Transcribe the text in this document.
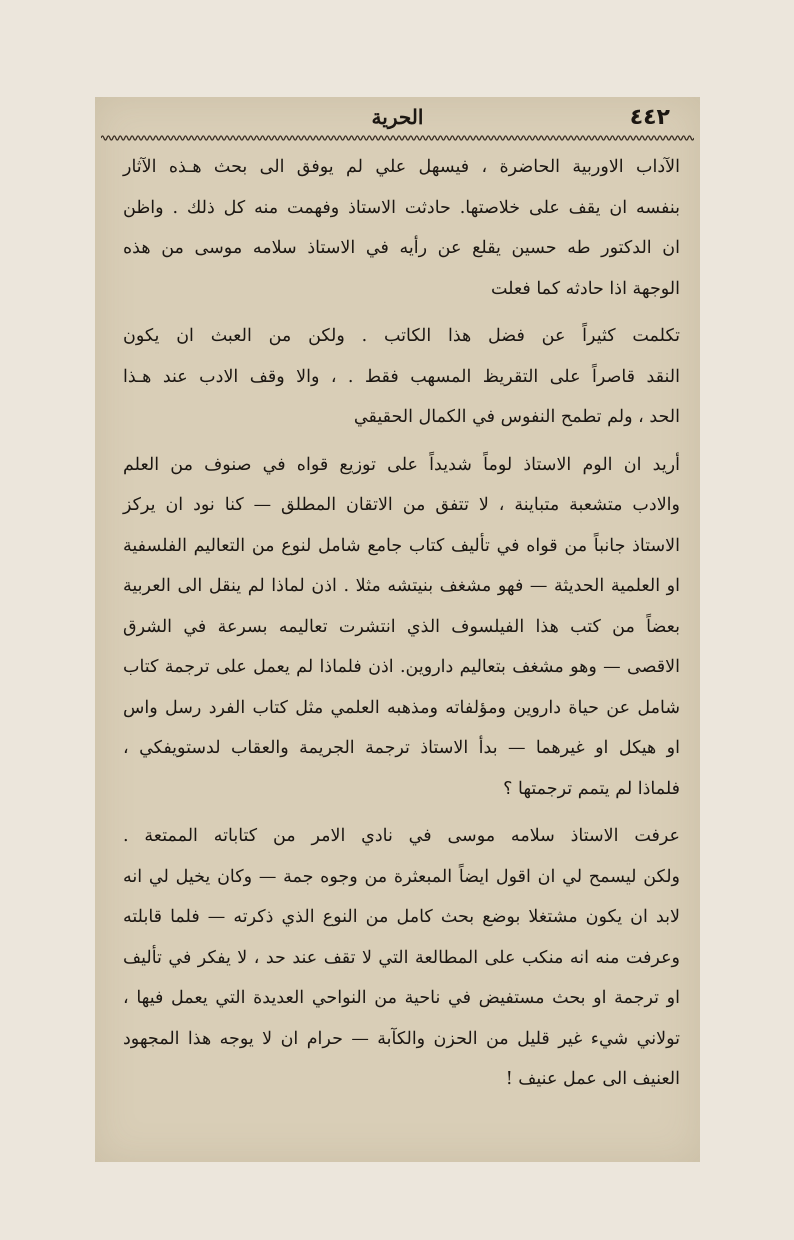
٤٤٢
الحرية
الآداب الاوربية الحاضرة ، فيسهل علي لم يوفق الى بحث هـذه الآثار
بنفسه ان يقف على خلاصتها. حادثت الاستاذ وفهمت منه كل ذلك . واظن
ان الدكتور طه حسين يقلع عن رأيه في الاستاذ سلامه موسى من هذه
الوجهة اذا حادثه كما فعلت
تكلمت كثيراً عن فضل هذا الكاتب . ولكن من العبث ان يكون
النقد قاصراً على التقريظ المسهب فقط . ، والا وقف الادب عند هـذا
الحد ، ولم تطمح النفوس في الكمال الحقيقي
أريد ان الوم الاستاذ لوماً شديداً على توزيع قواه في صنوف من العلم
والادب متشعبة متباينة ، لا تتفق من الاتقان المطلق — كنا نود ان يركز
الاستاذ جانباً من قواه في تأليف كتاب جامع شامل لنوع من التعاليم الفلسفية
او العلمية الحديثة — فهو مشغف بنيتشه مثلا . اذن لماذا لم ينقل الى العربية
بعضاً من كتب هذا الفيلسوف الذي انتشرت تعاليمه بسرعة في الشرق
الاقصى — وهو مشغف بتعاليم داروين. اذن فلماذا لم يعمل على ترجمة كتاب
شامل عن حياة داروين ومؤلفاته ومذهبه العلمي مثل كتاب الفرد رسل واس
او هيكل او غيرهما — بدأ الاستاذ ترجمة الجريمة والعقاب لدستويفكي ،
فلماذا لم يتمم ترجمتها ؟
عرفت الاستاذ سلامه موسى في نادي الامر من كتاباته الممتعة .
ولكن ليسمح لي ان اقول ايضاً المبعثرة من وجوه جمة — وكان يخيل لي انه
لابد ان يكون مشتغلا بوضع بحث كامل من النوع الذي ذكرته — فلما قابلته
وعرفت منه انه منكب على المطالعة التي لا تقف عند حد ، لا يفكر في تأليف
او ترجمة او بحث مستفيض في ناحية من النواحي العديدة التي يعمل فيها ،
تولاني شيء غير قليل من الحزن والكآبة — حرام ان لا يوجه هذا المجهود
العنيف الى عمل عنيف !
